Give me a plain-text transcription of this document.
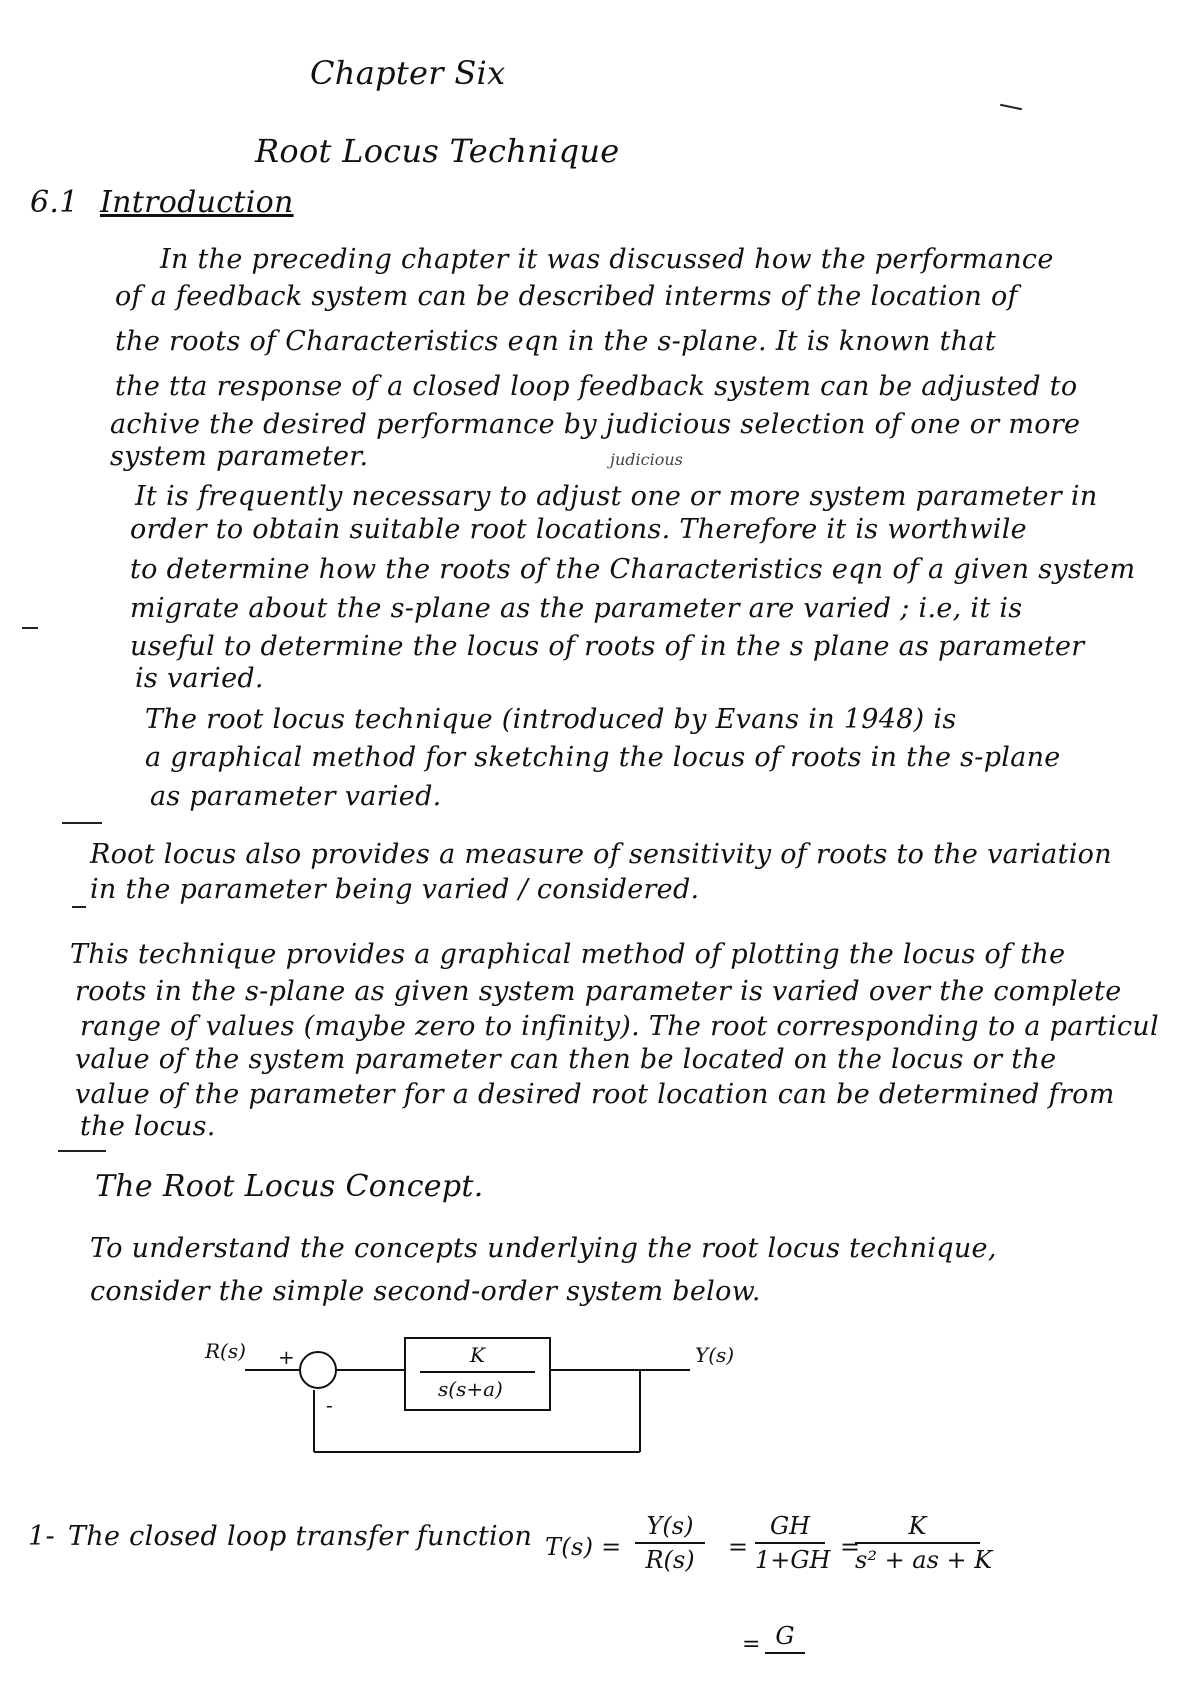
Chapter Six
Root Locus Technique
6.1 Introduction
In the preceding chapter it was discussed how the performance
of a feedback system can be described interms of the location of
the roots of Characteristics eqn in the s-plane. It is known that
the tta response of a closed loop feedback system can be adjusted to
achive the desired performance by judicious selection of one or more
system parameter.	judicious
It is frequently necessary to adjust one or more system parameter in
order to obtain suitable root locations. Therefore it is worthwile
to determine how the roots of the Characteristics eqn of a given system
migrate about the s-plane as the parameter are varied ; i.e, it is
useful to determine the locus of roots of in the s plane as parameter
is varied.
The root locus technique (introduced by Evans in 1948) is
a graphical method for sketching the locus of roots in the s-plane
as parameter varied.
Root locus also provides a measure of sensitivity of roots to the variation
in the parameter being varied / considered.
This technique provides a graphical method of plotting the locus of the
roots in the s-plane as given system parameter is varied over the complete
range of values (maybe zero to infinity). The root corresponding to a particul
value of the system parameter can then be located on the locus or the
value of the parameter for a desired root location can be determined from
the locus.
The Root Locus Concept.
To understand the concepts underlying the root locus technique,
consider the simple second-order system below.
R(s) +	K
s(s+a)
Y(s)
-
1- The closed loop transfer function T(s) =
Y(s)
R(s)	=
GH
1+GH =
K
s² + as + K
= G
